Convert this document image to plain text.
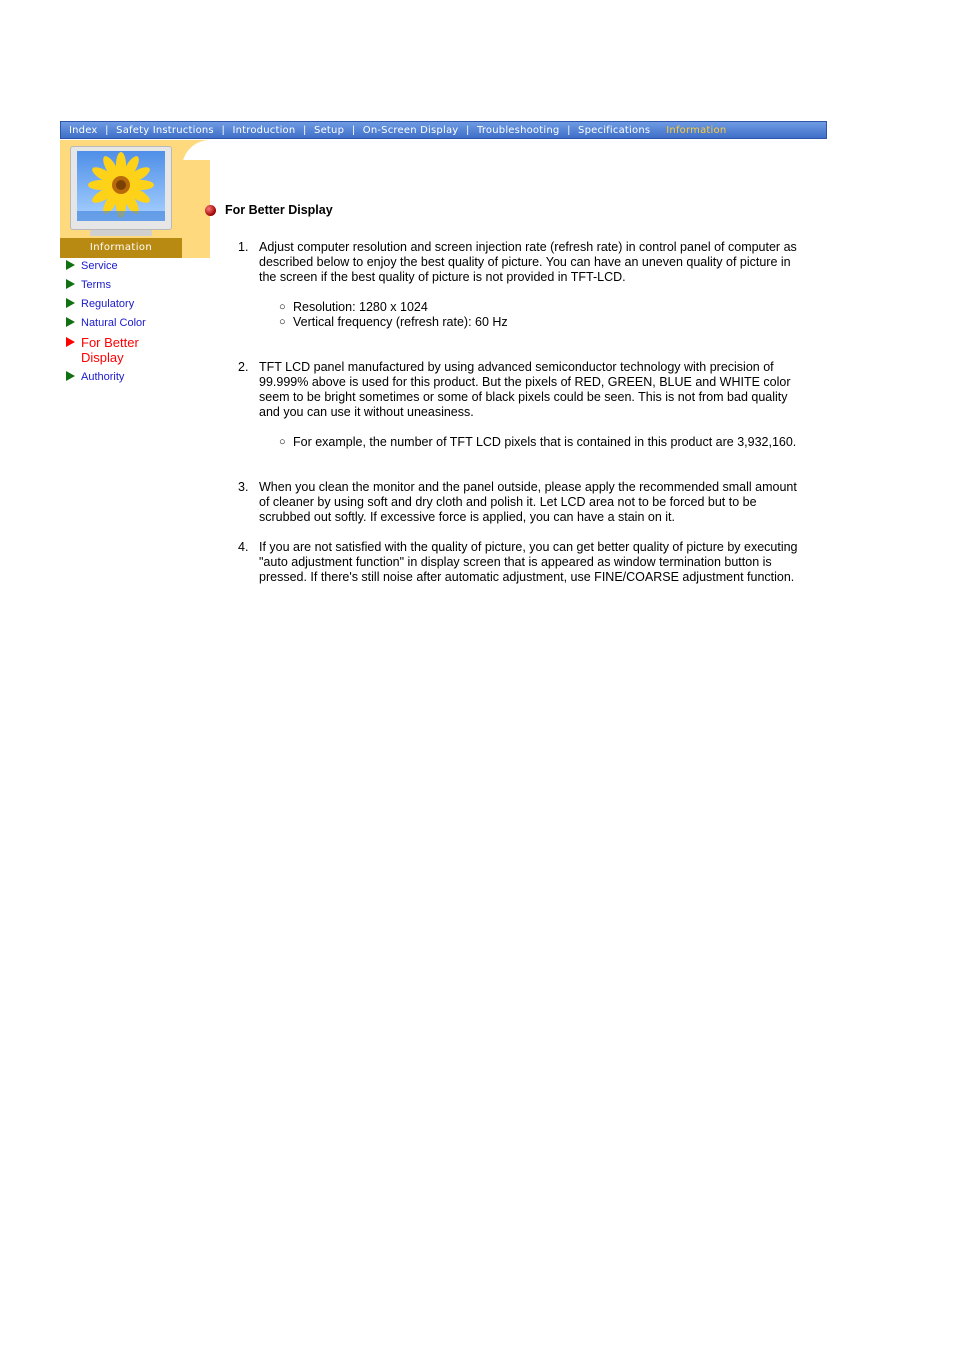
Index | Safety Instructions | Introduction | Setup | On-Screen Display | Troubleshooting | Specifications	Information
Information
Service
Terms
Regulatory
Natural Color
For Better Display
Authority
For Better Display
1. Adjust computer resolution and screen injection rate (refresh rate) in control panel of computer as described below to enjoy the best quality of picture. You can have an uneven quality of picture in the screen if the best quality of picture is not provided in TFT-LCD.
○ Resolution: 1280 x 1024
○ Vertical frequency (refresh rate): 60 Hz
2. TFT LCD panel manufactured by using advanced semiconductor technology with precision of 99.999% above is used for this product. But the pixels of RED, GREEN, BLUE and WHITE color seem to be bright sometimes or some of black pixels could be seen. This is not from bad quality and you can use it without uneasiness.
○ For example, the number of TFT LCD pixels that is contained in this product are 3,932,160.
3. When you clean the monitor and the panel outside, please apply the recommended small amount of cleaner by using soft and dry cloth and polish it. Let LCD area not to be forced but to be scrubbed out softly. If excessive force is applied, you can have a stain on it.
4. If you are not satisfied with the quality of picture, you can get better quality of picture by executing "auto adjustment function" in display screen that is appeared as window termination button is pressed. If there's still noise after automatic adjustment, use FINE/COARSE adjustment function.
